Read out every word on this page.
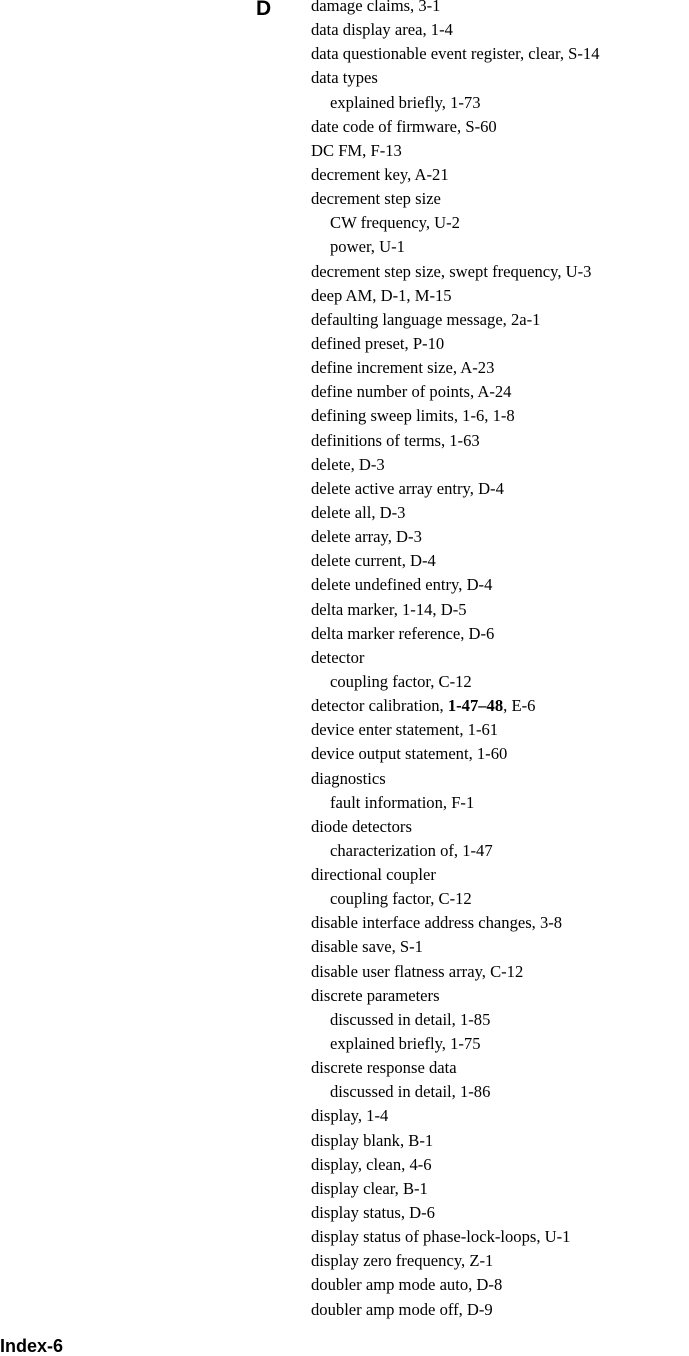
D damage claims, 3-1
data display area, 1-4
data questionable event register, clear, S-14
data types
explained briefly, 1-73
date code of firmware, S-60
DC FM, F-13
decrement key, A-21
decrement step size
CW frequency, U-2
power, U-1
decrement step size, swept frequency, U-3
deep AM, D-1, M-15
defaulting language message, 2a-1
defined preset, P-10
define increment size, A-23
define number of points, A-24
defining sweep limits, 1-6, 1-8
definitions of terms, 1-63
delete, D-3
delete active array entry, D-4
delete all, D-3
delete array, D-3
delete current, D-4
delete undefined entry, D-4
delta marker, 1-14, D-5
delta marker reference, D-6
detector
coupling factor, C-12
detector calibration, 1-47–48, E-6
device enter statement, 1-61
device output statement, 1-60
diagnostics
fault information, F-1
diode detectors
characterization of, 1-47
directional coupler
coupling factor, C-12
disable interface address changes, 3-8
disable save, S-1
disable user flatness array, C-12
discrete parameters
discussed in detail, 1-85
explained briefly, 1-75
discrete response data
discussed in detail, 1-86
display, 1-4
display blank, B-1
display, clean, 4-6
display clear, B-1
display status, D-6
display status of phase-lock-loops, U-1
display zero frequency, Z-1
doubler amp mode auto, D-8
doubler amp mode off, D-9
Index-6
